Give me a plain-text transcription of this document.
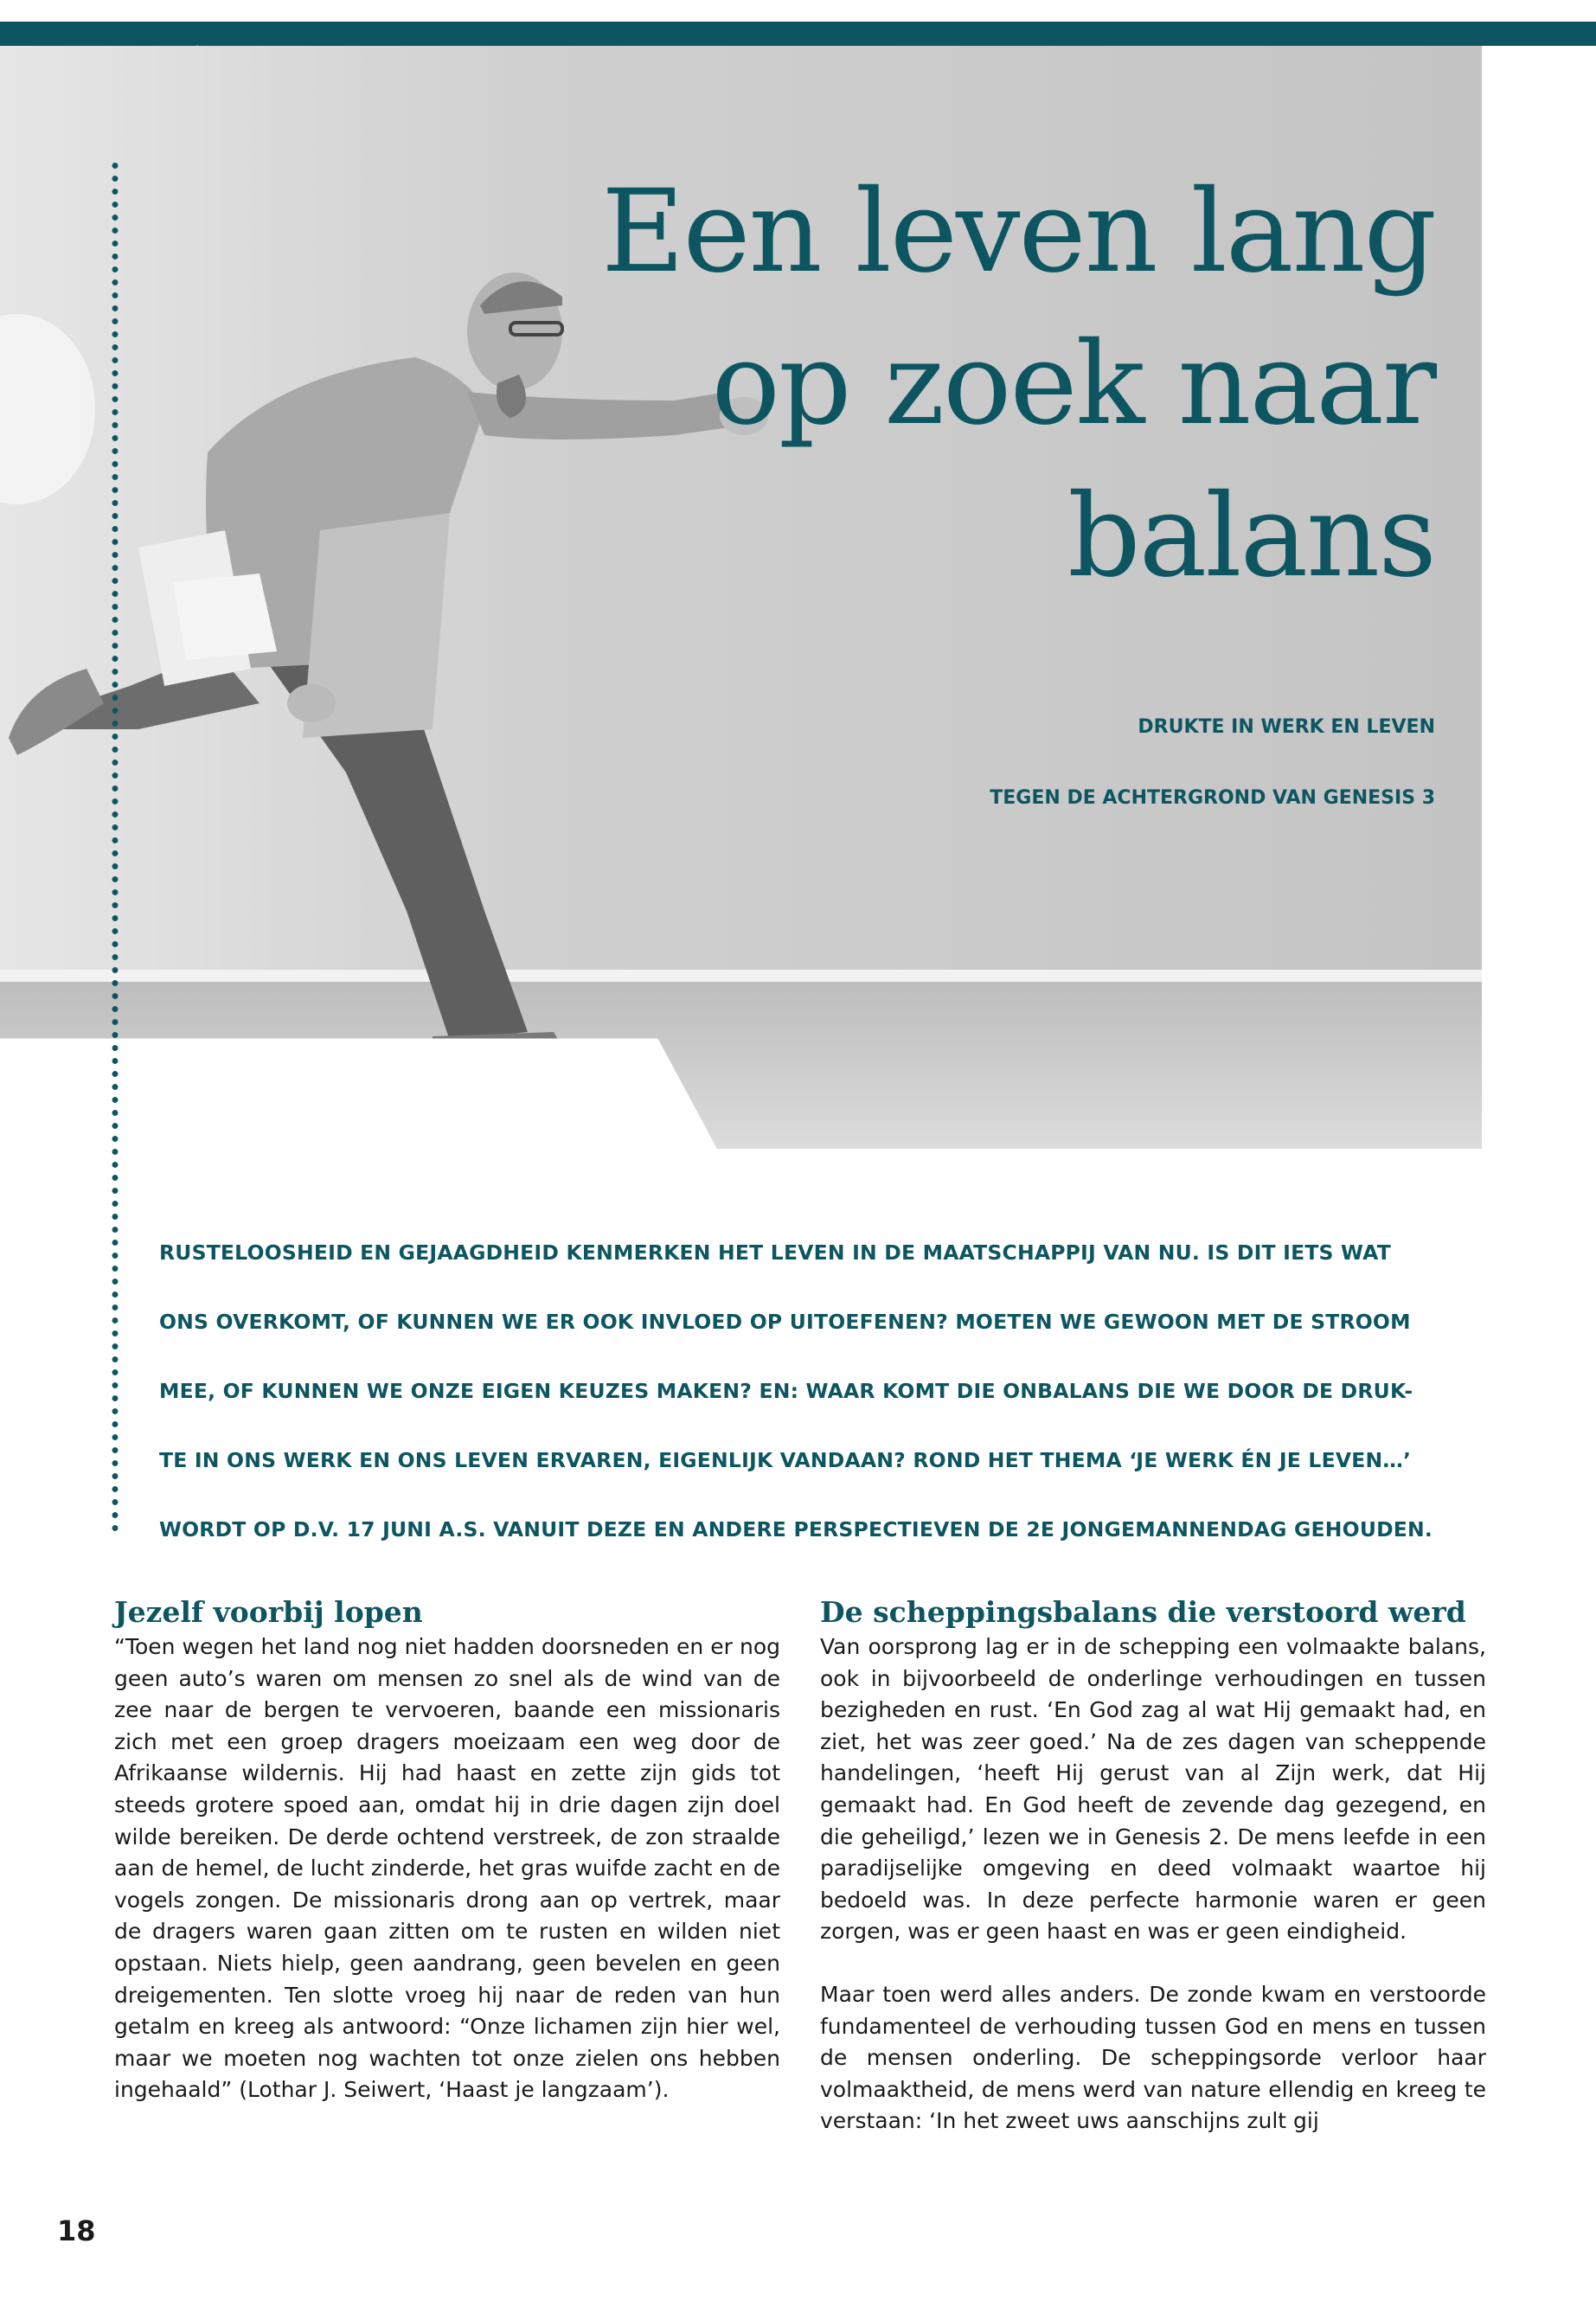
Een leven lang
op zoek naar
balans
DRUKTE IN WERK EN LEVEN
TEGEN DE ACHTERGROND VAN GENESIS 3
RUSTELOOSHEID EN GEJAAGDHEID KENMERKEN HET LEVEN IN DE MAATSCHAPPIJ VAN NU. IS DIT IETS WAT
ONS OVERKOMT, OF KUNNEN WE ER OOK INVLOED OP UITOEFENEN? MOETEN WE GEWOON MET DE STROOM
MEE, OF KUNNEN WE ONZE EIGEN KEUZES MAKEN? EN: WAAR KOMT DIE ONBALANS DIE WE DOOR DE DRUK-
TE IN ONS WERK EN ONS LEVEN ERVAREN, EIGENLIJK VANDAAN? ROND HET THEMA ‘JE WERK ÉN JE LEVEN…’
WORDT OP D.V. 17 JUNI A.S. VANUIT DEZE EN ANDERE PERSPECTIEVEN DE 2E JONGEMANNENDAG GEHOUDEN.
Jezelf voorbij lopen

“Toen wegen het land nog niet hadden doorsneden en er nog geen auto’s waren om mensen zo snel als de wind van de zee naar de bergen te vervoeren, baande een missionaris zich met een groep dragers moeizaam een weg door de Afrikaanse wildernis. Hij had haast en zette zijn gids tot steeds grotere spoed aan, omdat hij in drie dagen zijn doel wilde bereiken. De derde ochtend verstreek, de zon straalde aan de hemel, de lucht zinderde, het gras wuifde zacht en de vogels zongen. De missionaris drong aan op vertrek, maar de dragers waren gaan zitten om te rusten en wilden niet opstaan. Niets hielp, geen aandrang, geen bevelen en geen dreigementen. Ten slotte vroeg hij naar de reden van hun getalm en kreeg als antwoord: “Onze lichamen zijn hier wel, maar we moeten nog wachten tot onze zielen ons hebben ingehaald” (Lothar J. Seiwert, ‘Haast je langzaam’).

De scheppingsbalans die verstoord werd

Van oorsprong lag er in de schepping een volmaakte balans, ook in bijvoorbeeld de onderlinge verhoudingen en tussen bezigheden en rust. ‘En God zag al wat Hij gemaakt had, en ziet, het was zeer goed.’ Na de zes dagen van scheppende handelingen, ‘heeft Hij gerust van al Zijn werk, dat Hij gemaakt had. En God heeft de zevende dag gezegend, en die geheiligd,’ lezen we in Genesis 2. De mens leefde in een paradijselijke omgeving en deed volmaakt waartoe hij bedoeld was. In deze perfecte harmonie waren er geen zorgen, was er geen haast en was er geen eindigheid.

Maar toen werd alles anders. De zonde kwam en verstoorde fundamenteel de verhouding tussen God en mens en tussen de mensen onderling. De scheppingsorde verloor haar volmaaktheid, de mens werd van nature ellendig en kreeg te verstaan: ‘In het zweet uws aanschijns zult gij

18
